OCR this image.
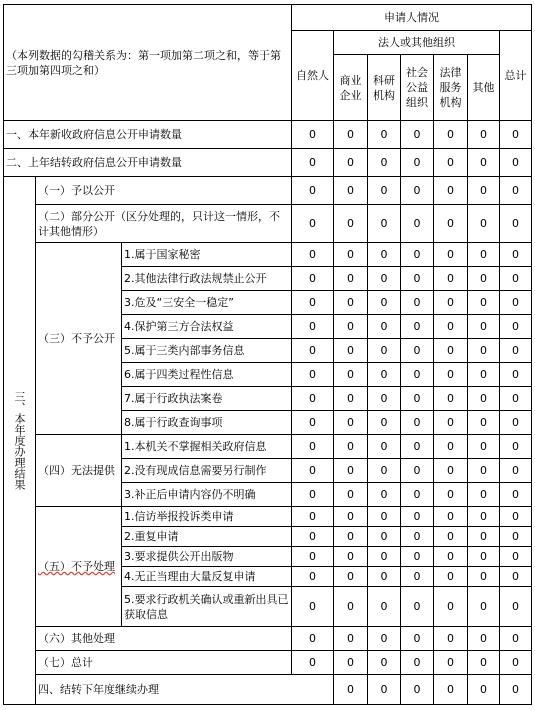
（本列数据的勾稽关系为：第一项加第二项之和，等于第三项加第四项之和）			申请人情况							
			自然人	法人或其他组织					总计	
				商业企业	科研机构	社会公益组织	法律服务机构	其他		
一、本年新收政府信息公开申请数量			0	0	0	0	0	0	0	
二、上年结转政府信息公开申请数量			0	0	0	0	0	0	0	
三、本年度办理结果	（一）予以公开		0	0	0	0	0	0	0	
	（二）部分公开（区分处理的，只计这一情形，不计其他情形）		0	0	0	0	0	0	0	
	（三）不予公开	1.属于国家秘密	0	0	0	0	0	0	0	
		2.其他法律行政法规禁止公开	0	0	0	0	0	0	0	
		3.危及“三安全一稳定”	0	0	0	0	0	0	0	
		4.保护第三方合法权益	0	0	0	0	0	0	0	
		5.属于三类内部事务信息	0	0	0	0	0	0	0	
		6.属于四类过程性信息	0	0	0	0	0	0	0	
		7.属于行政执法案卷	0	0	0	0	0	0	0	
		8.属于行政查询事项	0	0	0	0	0	0	0	
	（四）无法提供	1.本机关不掌握相关政府信息	0	0	0	0	0	0	0	
		2.没有现成信息需要另行制作	0	0	0	0	0	0	0	
		3.补正后申请内容仍不明确	0	0	0	0	0	0	0	
	（五）不予处理	1.信访举报投诉类申请	0	0	0	0	0	0	0	
		2.重复申请	0	0	0	0	0	0	0	
		3.要求提供公开出版物	0	0	0	0	0	0	0	
		4.无正当理由大量反复申请	0	0	0	0	0	0	0	
		5.要求行政机关确认或重新出具已获取信息	0	0	0	0	0	0	0	
	（六）其他处理		0	0	0	0	0	0	0	
	（七）总计		0	0	0	0	0	0	0	
	四、结转下年度继续办理			0	0	0	0	0	0	
